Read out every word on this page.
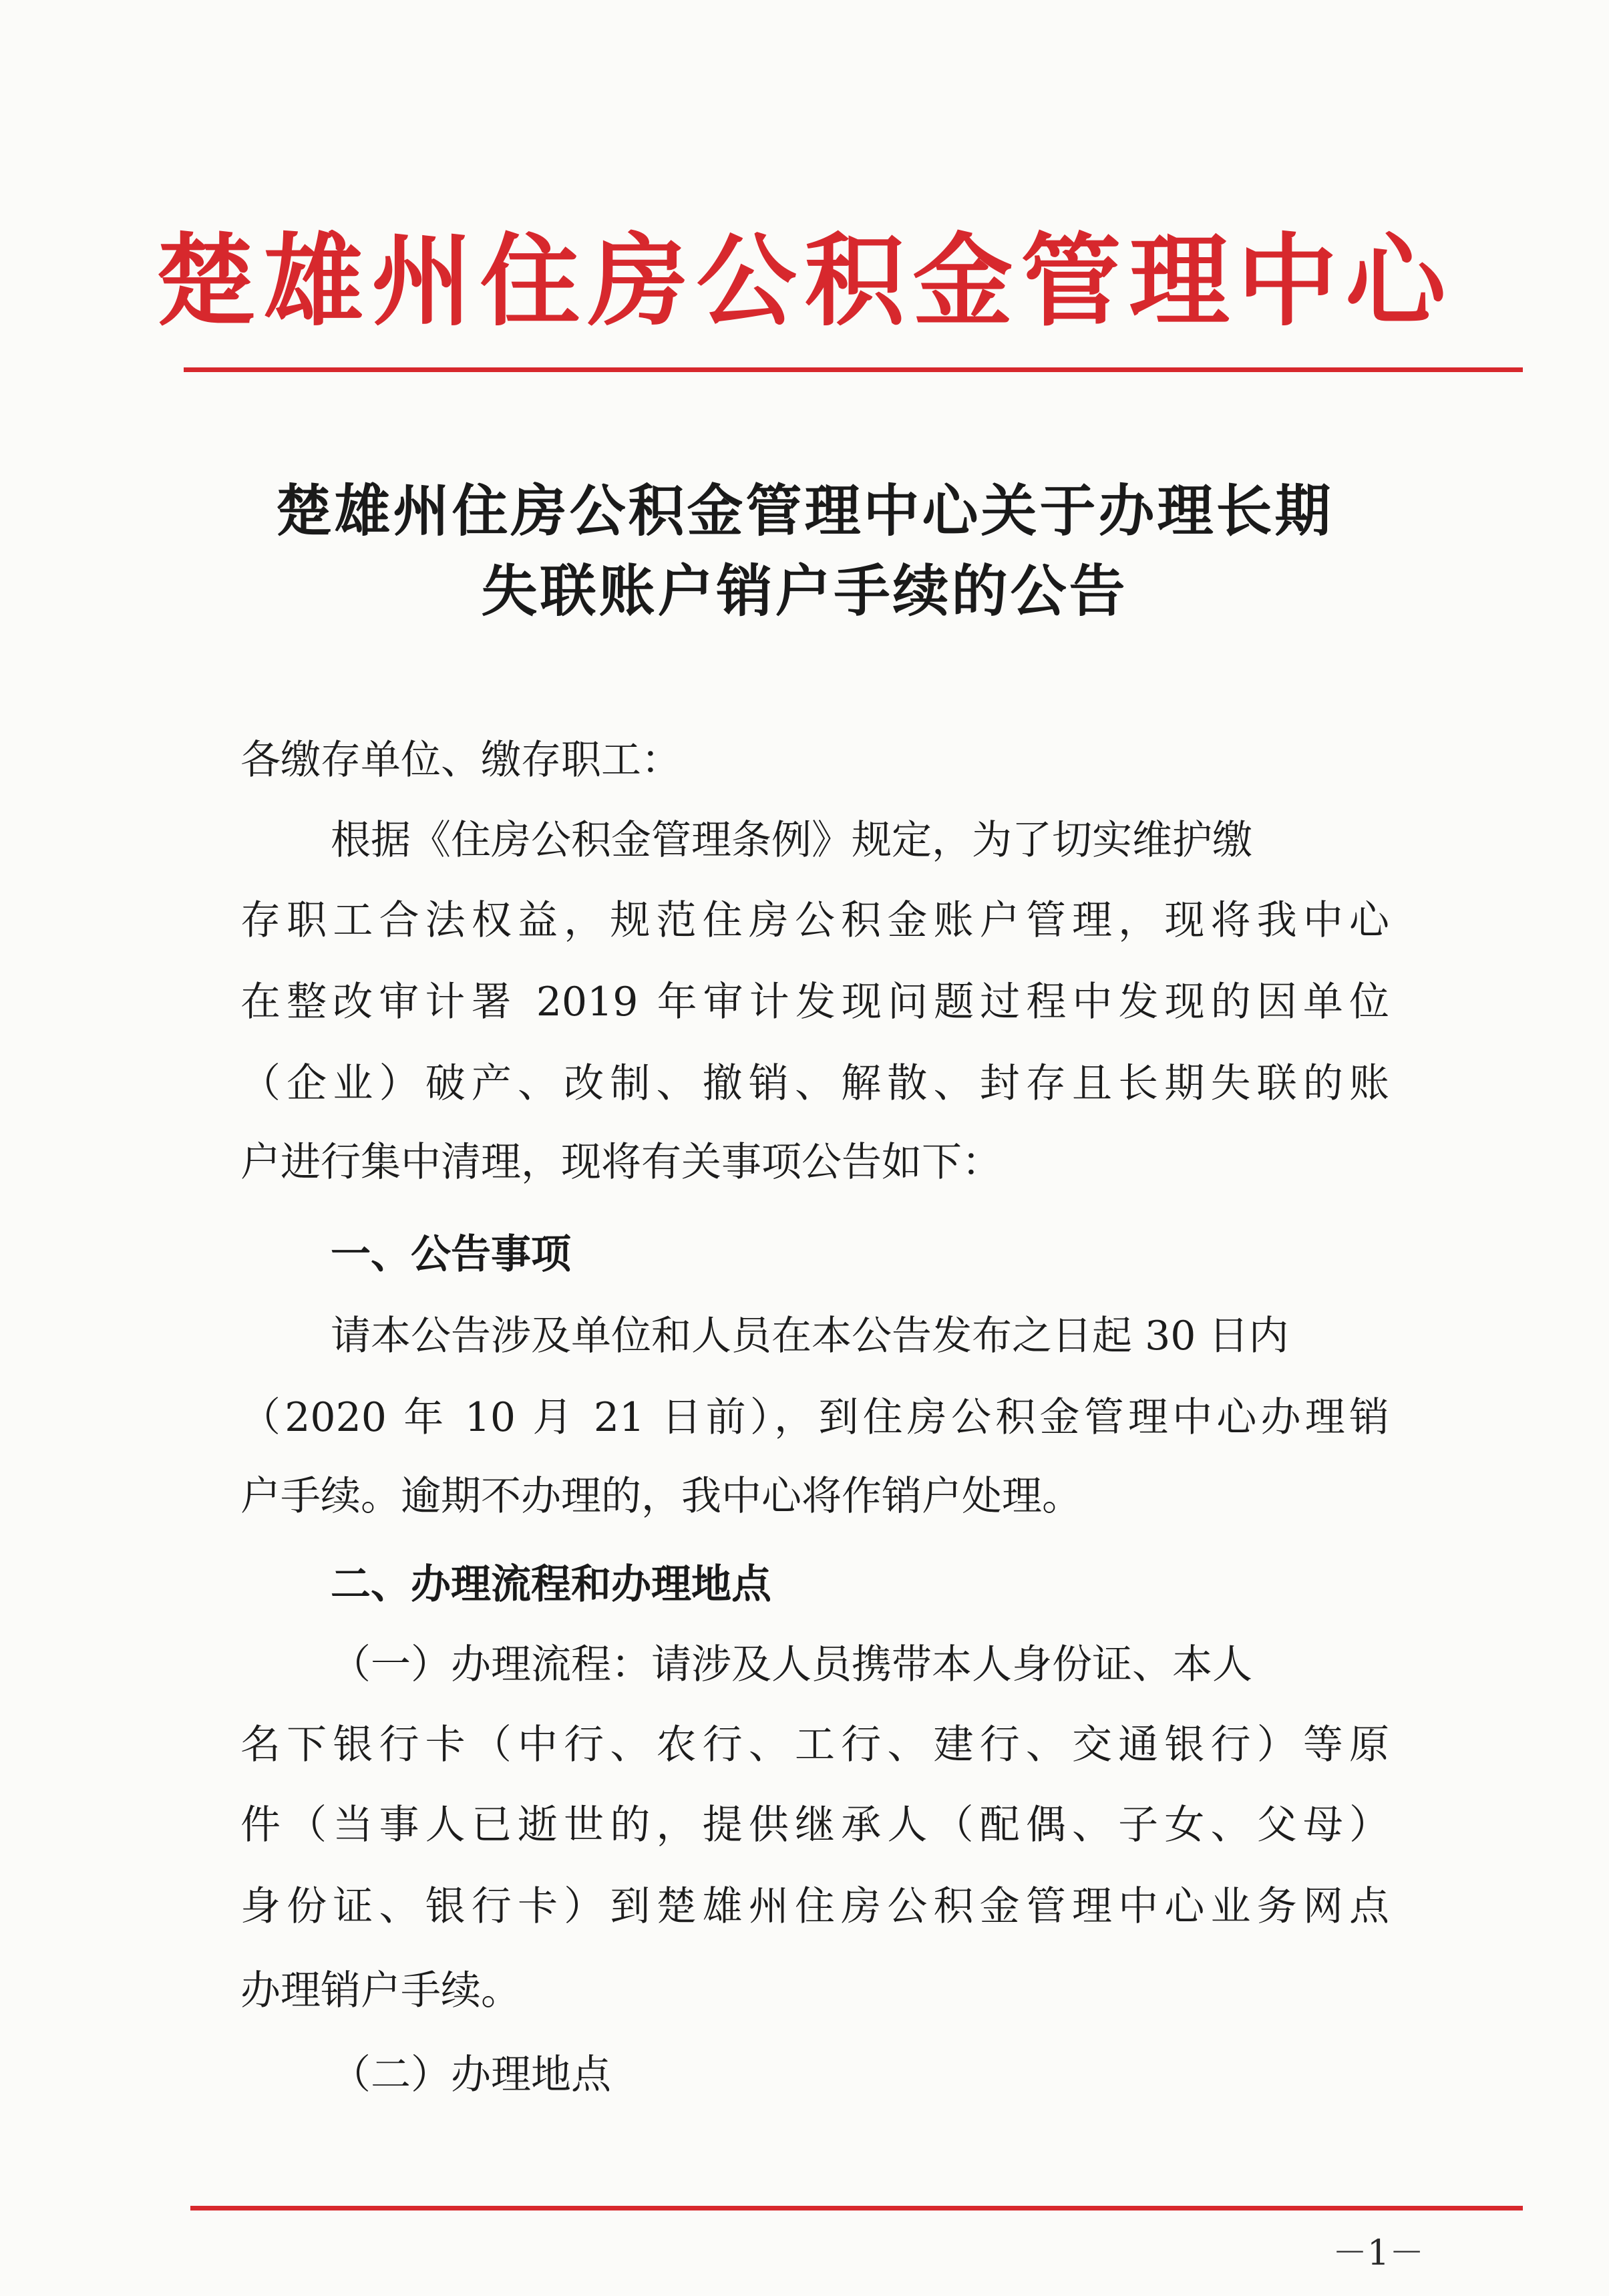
楚雄州住房公积金管理中心
楚雄州住房公积金管理中心关于办理长期
失联账户销户手续的公告
各缴存单位、缴存职工：
根据《住房公积金管理条例》规定，为了切实维护缴
存职工合法权益，规范住房公积金账户管理，现将我中心
在整改审计署 2019 年审计发现问题过程中发现的因单位
（企业）破产、改制、撤销、解散、封存且长期失联的账
户进行集中清理，现将有关事项公告如下：
一、公告事项
请本公告涉及单位和人员在本公告发布之日起 30 日内
（2020 年 10 月 21 日前），到住房公积金管理中心办理销
户手续。逾期不办理的，我中心将作销户处理。
二、办理流程和办理地点
（一）办理流程：请涉及人员携带本人身份证、本人
名下银行卡（中行、农行、工行、建行、交通银行）等原
件（当事人已逝世的，提供继承人（配偶、子女、父母）
身份证、银行卡）到楚雄州住房公积金管理中心业务网点
办理销户手续。
（二）办理地点
－1－
